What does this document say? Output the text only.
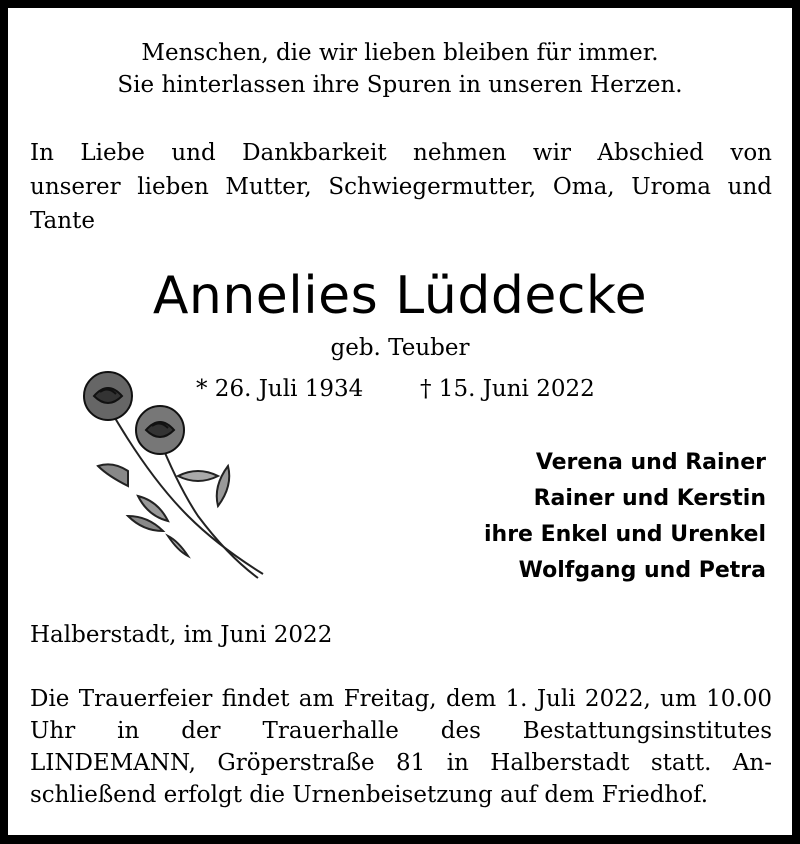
Menschen, die wir lieben bleiben für immer.
Sie hinterlassen ihre Spuren in unseren Herzen.
In Liebe und Dankbarkeit nehmen wir Abschied von
unserer lieben Mutter, Schwiegermutter, Oma, Uroma und
Tante
Annelies Lüddecke
geb. Teuber
* 26. Juli 1934 † 15. Juni 2022
Verena und Rainer
Rainer und Kerstin
ihre Enkel und Urenkel
Wolfgang und Petra
Halberstadt, im Juni 2022
Die Trauerfeier findet am Freitag, dem 1. Juli 2022, um 10.00
Uhr in der Trauerhalle des Bestattungsinstitutes
LINDEMANN, Gröperstraße 81 in Halberstadt statt. An-
schließend erfolgt die Urnenbeisetzung auf dem Friedhof.
